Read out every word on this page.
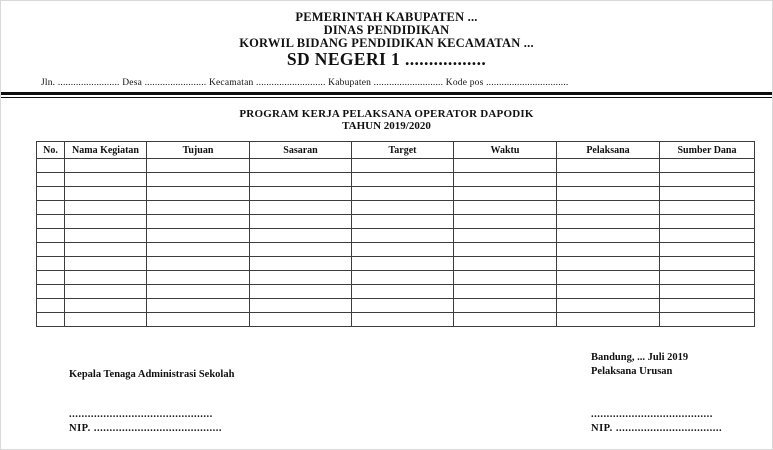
PEMERINTAH KABUPATEN ...
DINAS PENDIDIKAN
KORWIL BIDANG PENDIDIKAN KECAMATAN ...
SD NEGERI 1 .................
Jln. ........................ Desa ........................ Kecamatan ........................... Kabupaten ........................... Kode pos ................................
PROGRAM KERJA PELAKSANA OPERATOR DAPODIK
TAHUN 2019/2020
No.	Nama Kegiatan	Tujuan	Sasaran	Target	Waktu	Pelaksana	Sumber Dana

Bandung, ... Juli 2019
Pelaksana Urusan
Kepala Tenaga Administrasi Sekolah
..............................................
NIP. .........................................
.......................................
NIP. ..................................
